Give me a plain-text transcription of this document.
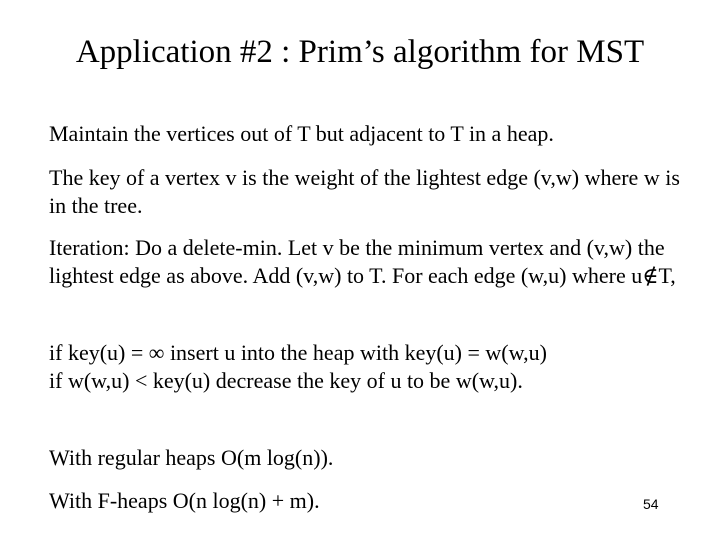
Application #2 : Prim’s algorithm for MST

Maintain the vertices out of T but adjacent to T in a heap.

The key of a vertex v is the weight of the lightest edge (v,w) where w is in the tree.

Iteration: Do a delete-min. Let v be the minimum vertex and (v,w) the lightest edge as above. Add (v,w) to T. For each edge (w,u) where u∉T,

if key(u) = ∞ insert u into the heap with key(u) = w(w,u)

if w(w,u) < key(u) decrease the key of u to be w(w,u).

With regular heaps O(m log(n)).

With F-heaps O(n log(n) + m).	54
